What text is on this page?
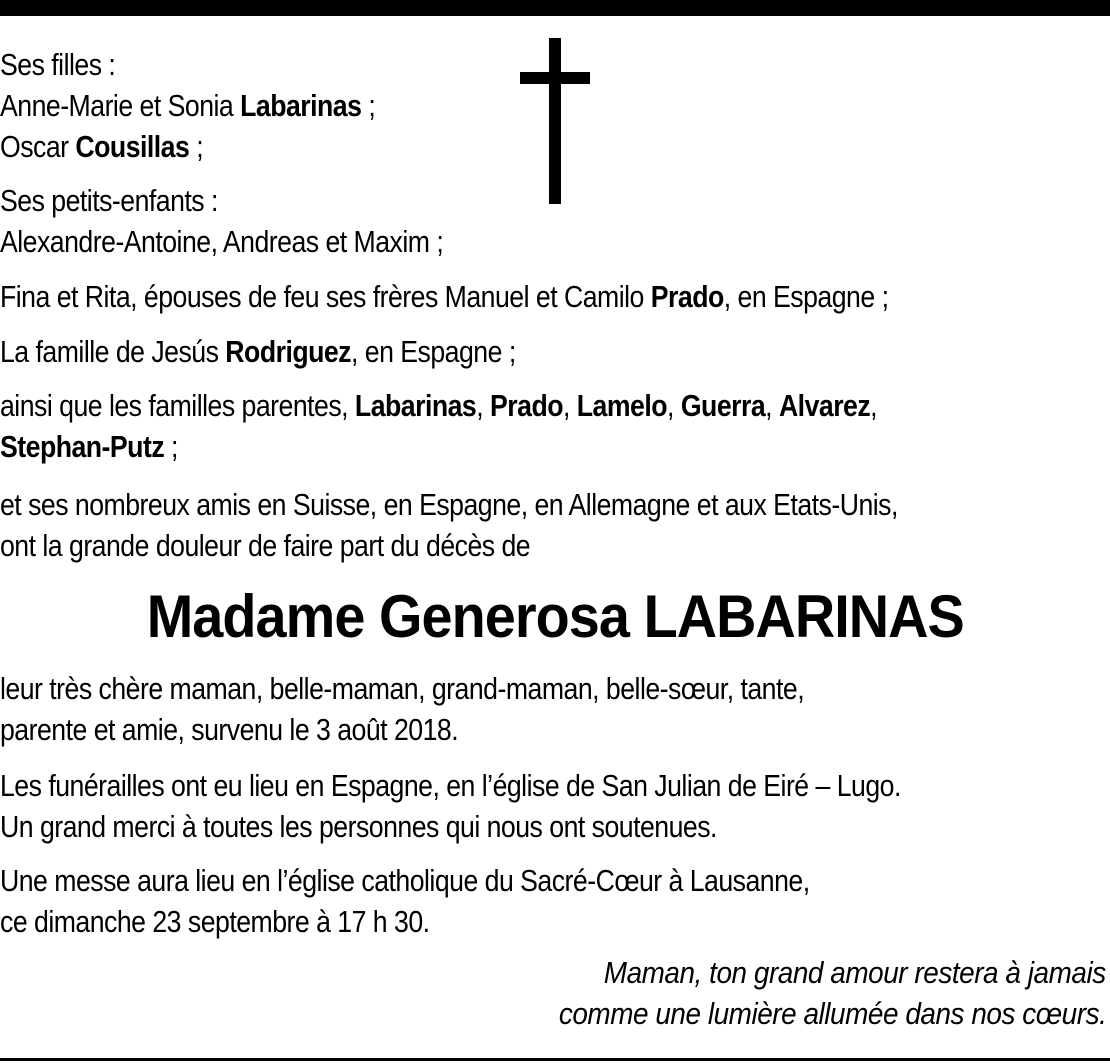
Ses filles :
Anne-Marie et Sonia Labarinas ;
Oscar Cousillas ;
Ses petits-enfants :
Alexandre-Antoine, Andreas et Maxim ;
Fina et Rita, épouses de feu ses frères Manuel et Camilo Prado, en Espagne ;
La famille de Jesús Rodriguez, en Espagne ;
ainsi que les familles parentes, Labarinas, Prado, Lamelo, Guerra, Alvarez,
Stephan-Putz ;
et ses nombreux amis en Suisse, en Espagne, en Allemagne et aux Etats-Unis,
ont la grande douleur de faire part du décès de
Madame Generosa LABARINAS
leur très chère maman, belle-maman, grand-maman, belle-sœur, tante,
parente et amie, survenu le 3 août 2018.
Les funérailles ont eu lieu en Espagne, en l’église de San Julian de Eiré – Lugo.
Un grand merci à toutes les personnes qui nous ont soutenues.
Une messe aura lieu en l’église catholique du Sacré-Cœur à Lausanne,
ce dimanche 23 septembre à 17 h 30.
Maman, ton grand amour restera à jamais
comme une lumière allumée dans nos cœurs.
